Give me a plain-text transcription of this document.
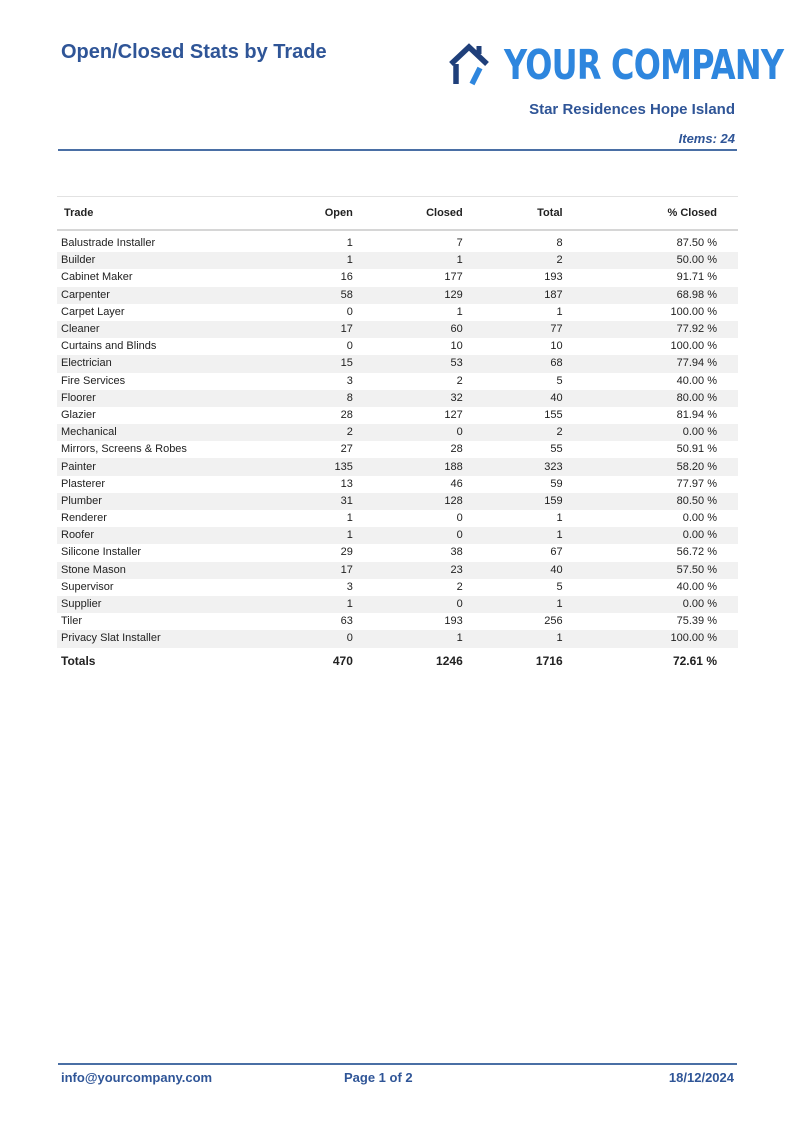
Open/Closed Stats by Trade	YOUR COMPANY
Star Residences Hope Island
Items: 24
Trade	Open	Closed	Total	% Closed

Balustrade Installer	1	7	8	87.50 %
Builder	1	1	2	50.00 %
Cabinet Maker	16	177	193	91.71 %
Carpenter	58	129	187	68.98 %
Carpet Layer	0	1	1	100.00 %
Cleaner	17	60	77	77.92 %
Curtains and Blinds	0	10	10	100.00 %
Electrician	15	53	68	77.94 %
Fire Services	3	2	5	40.00 %
Floorer	8	32	40	80.00 %
Glazier	28	127	155	81.94 %
Mechanical	2	0	2	0.00 %
Mirrors, Screens & Robes	27	28	55	50.91 %
Painter	135	188	323	58.20 %
Plasterer	13	46	59	77.97 %
Plumber	31	128	159	80.50 %
Renderer	1	0	1	0.00 %
Roofer	1	0	1	0.00 %
Silicone Installer	29	38	67	56.72 %
Stone Mason	17	23	40	57.50 %
Supervisor	3	2	5	40.00 %
Supplier	1	0	1	0.00 %
Tiler	63	193	256	75.39 %
Privacy Slat Installer	0	1	1	100.00 %
Totals	470	1246	1716	72.61 %
info@yourcompany.com	Page 1 of 2	18/12/2024
